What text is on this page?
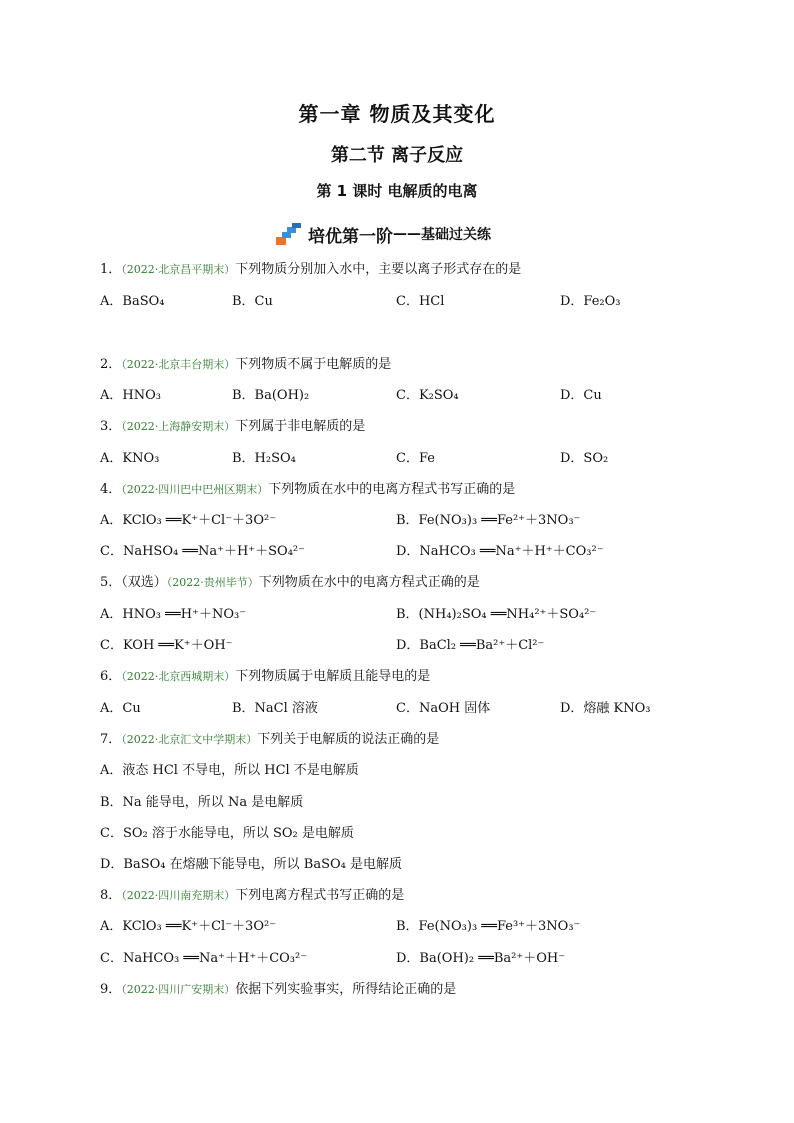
第一章 物质及其变化
第二节 离子反应
第 1 课时 电解质的电离
培优第一阶 —— 基础过关练
1．（2022·北京昌平期末）下列物质分别加入水中，主要以离子形式存在的是
A．BaSO₄	B．Cu	C．HCl	D．Fe₂O₃
2．（2022·北京丰台期末）下列物质不属于电解质的是
A．HNO₃	B．Ba(OH)₂	C．K₂SO₄	D．Cu
3．（2022·上海静安期末）下列属于非电解质的是
A．KNO₃	B．H₂SO₄	C．Fe	D．SO₂
4．（2022·四川巴中巴州区期末）下列物质在水中的电离方程式书写正确的是
A．KClO₃ ══K⁺＋Cl⁻＋3O²⁻	B．Fe(NO₃)₃ ══Fe²⁺＋3NO₃⁻
C．NaHSO₄ ══Na⁺＋H⁺＋SO₄²⁻	D．NaHCO₃ ══Na⁺＋H⁺＋CO₃²⁻
5．（双选）（2022·贵州毕节）下列物质在水中的电离方程式正确的是
A．HNO₃ ══H⁺＋NO₃⁻	B．(NH₄)₂SO₄ ══NH₄²⁺＋SO₄²⁻
C．KOH ══K⁺＋OH⁻	D．BaCl₂ ══Ba²⁺＋Cl²⁻
6．（2022·北京西城期末）下列物质属于电解质且能导电的是
A．Cu	B．NaCl 溶液	C．NaOH 固体	D．熔融 KNO₃
7．（2022·北京汇文中学期末）下列关于电解质的说法正确的是
A．液态 HCl 不导电，所以 HCl 不是电解质
B．Na 能导电，所以 Na 是电解质
C．SO₂ 溶于水能导电，所以 SO₂ 是电解质
D．BaSO₄ 在熔融下能导电，所以 BaSO₄ 是电解质
8．（2022·四川南充期末）下列电离方程式书写正确的是
A．KClO₃ ══K⁺＋Cl⁻＋3O²⁻	B．Fe(NO₃)₃ ══Fe³⁺＋3NO₃⁻
C．NaHCO₃ ══Na⁺＋H⁺＋CO₃²⁻	D．Ba(OH)₂ ══Ba²⁺＋OH⁻
9．（2022·四川广安期末）依据下列实验事实，所得结论正确的是
